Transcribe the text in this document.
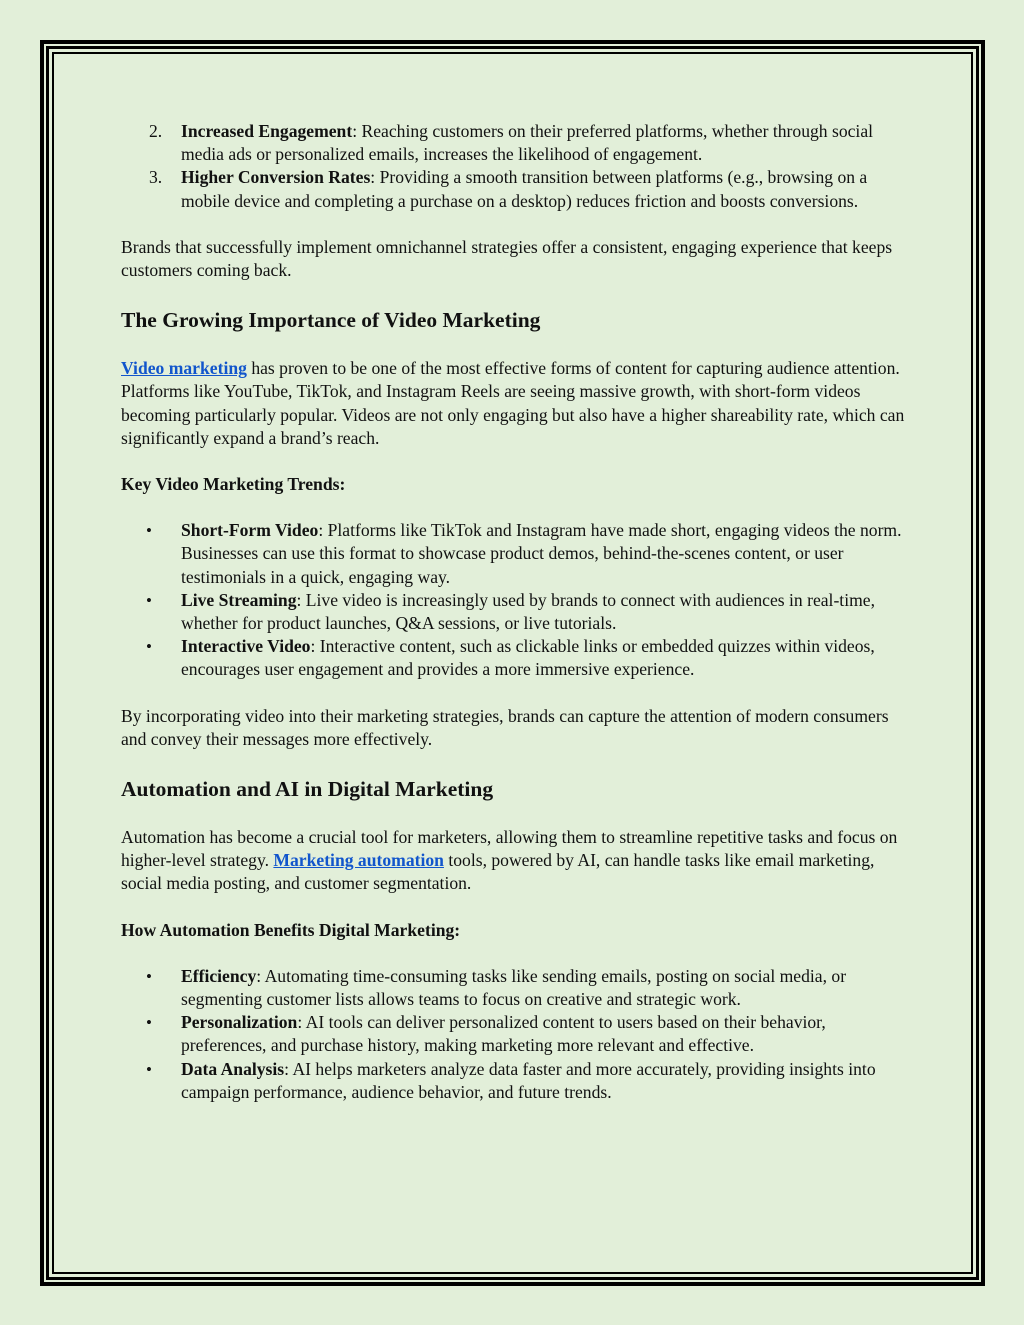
2. Increased Engagement: Reaching customers on their preferred platforms, whether through social media ads or personalized emails, increases the likelihood of engagement.
3. Higher Conversion Rates: Providing a smooth transition between platforms (e.g., browsing on a mobile device and completing a purchase on a desktop) reduces friction and boosts conversions.

Brands that successfully implement omnichannel strategies offer a consistent, engaging experience that keeps customers coming back.

The Growing Importance of Video Marketing

Video marketing has proven to be one of the most effective forms of content for capturing audience attention. Platforms like YouTube, TikTok, and Instagram Reels are seeing massive growth, with short-form videos becoming particularly popular. Videos are not only engaging but also have a higher shareability rate, which can significantly expand a brand’s reach.

Key Video Marketing Trends:
• Short-Form Video: Platforms like TikTok and Instagram have made short, engaging videos the norm. Businesses can use this format to showcase product demos, behind-the-scenes content, or user testimonials in a quick, engaging way.
• Live Streaming: Live video is increasingly used by brands to connect with audiences in real-time, whether for product launches, Q&A sessions, or live tutorials.
• Interactive Video: Interactive content, such as clickable links or embedded quizzes within videos, encourages user engagement and provides a more immersive experience.

By incorporating video into their marketing strategies, brands can capture the attention of modern consumers and convey their messages more effectively.

Automation and AI in Digital Marketing

Automation has become a crucial tool for marketers, allowing them to streamline repetitive tasks and focus on higher-level strategy. Marketing automation tools, powered by AI, can handle tasks like email marketing, social media posting, and customer segmentation.

How Automation Benefits Digital Marketing:
• Efficiency: Automating time-consuming tasks like sending emails, posting on social media, or segmenting customer lists allows teams to focus on creative and strategic work.
• Personalization: AI tools can deliver personalized content to users based on their behavior, preferences, and purchase history, making marketing more relevant and effective.
• Data Analysis: AI helps marketers analyze data faster and more accurately, providing insights into campaign performance, audience behavior, and future trends.
